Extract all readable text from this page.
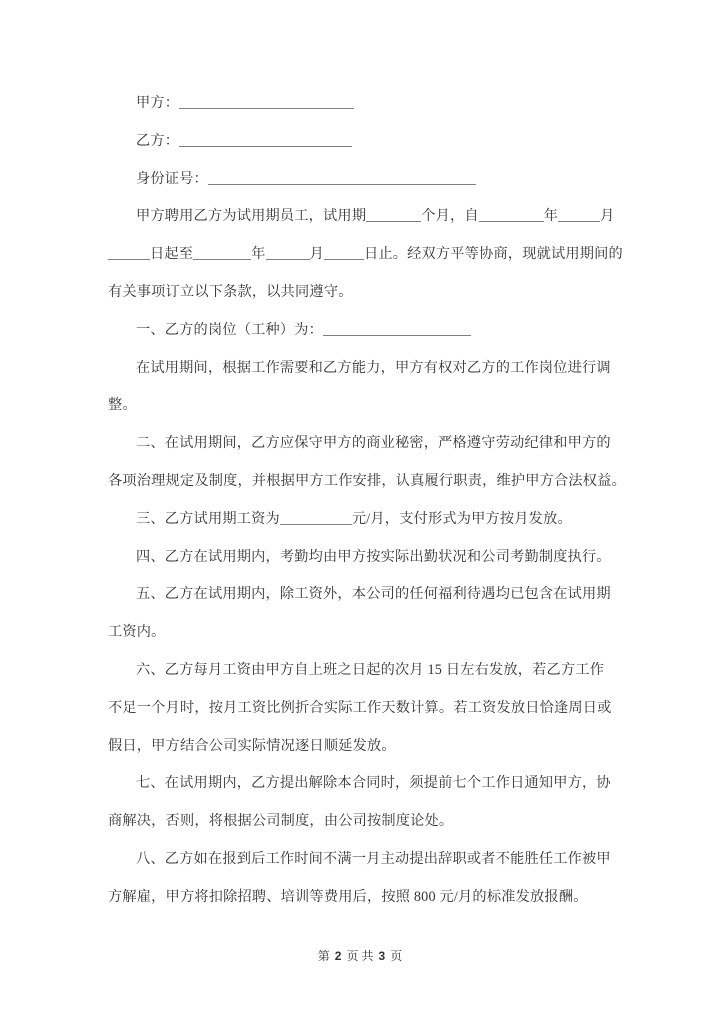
甲方：
乙方：
身份证号：
甲方聘用乙方为试用期员工，试用期	个月，自	年	月
日起至	年	月	日止。经双方平等协商，现就试用期间的
有关事项订立以下条款，以共同遵守。
一、乙方的岗位（工种）为：
在试用期间，根据工作需要和乙方能力，甲方有权对乙方的工作岗位进行调
整。
二、在试用期间，乙方应保守甲方的商业秘密，严格遵守劳动纪律和甲方的
各项治理规定及制度，并根据甲方工作安排，认真履行职责，维护甲方合法权益。
三、乙方试用期工资为	元/月，支付形式为甲方按月发放。
四、乙方在试用期内，考勤均由甲方按实际出勤状况和公司考勤制度执行。
五、乙方在试用期内，除工资外，本公司的任何福利待遇均已包含在试用期
工资内。
六、乙方每月工资由甲方自上班之日起的次月 15 日左右发放，若乙方工作
不足一个月时，按月工资比例折合实际工作天数计算。若工资发放日恰逢周日或
假日，甲方结合公司实际情况逐日顺延发放。
七、在试用期内，乙方提出解除本合同时，须提前七个工作日通知甲方，协
商解决，否则，将根据公司制度，由公司按制度论处。
八、乙方如在报到后工作时间不满一月主动提出辞职或者不能胜任工作被甲
方解雇，甲方将扣除招聘、培训等费用后，按照 800 元/月的标准发放报酬。
第 2 页 共 3 页
